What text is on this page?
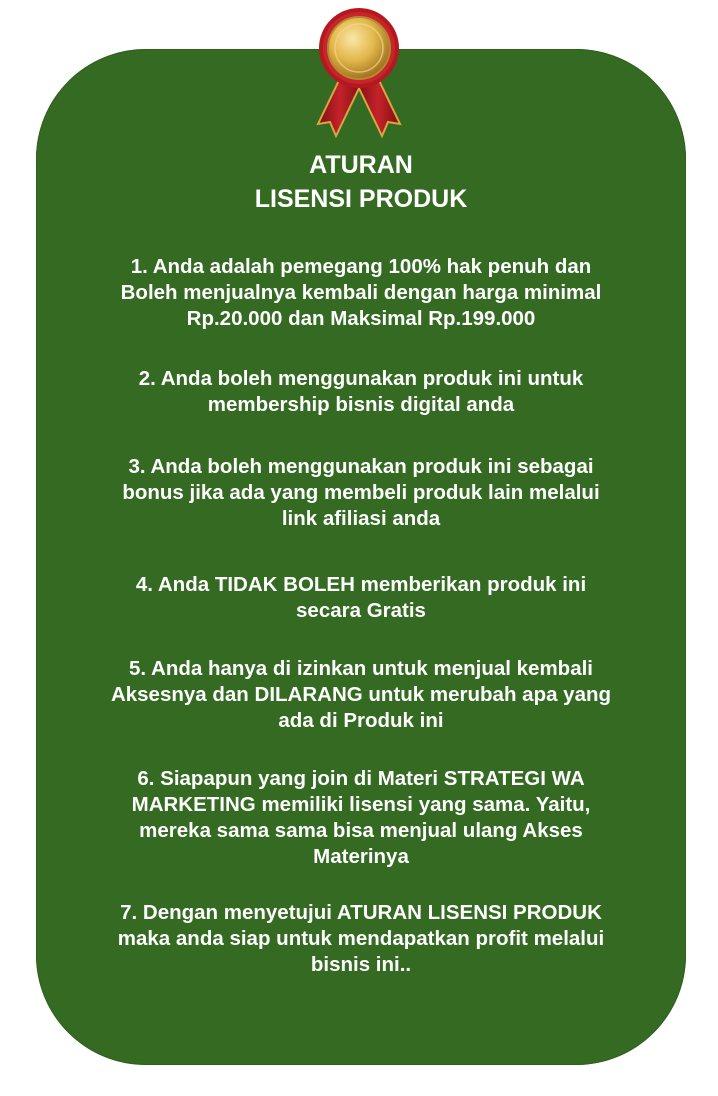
ATURAN
LISENSI PRODUK
1. Anda adalah pemegang 100% hak penuh dan
Boleh menjualnya kembali dengan harga minimal
Rp.20.000 dan Maksimal Rp.199.000
2. Anda boleh menggunakan produk ini untuk
membership bisnis digital anda
3. Anda boleh menggunakan produk ini sebagai
bonus jika ada yang membeli produk lain melalui
link afiliasi anda
4. Anda TIDAK BOLEH memberikan produk ini
secara Gratis
5. Anda hanya di izinkan untuk menjual kembali
Aksesnya dan DILARANG untuk merubah apa yang
ada di Produk ini
6. Siapapun yang join di Materi STRATEGI WA
MARKETING memiliki lisensi yang sama. Yaitu,
mereka sama sama bisa menjual ulang Akses
Materinya
7. Dengan menyetujui ATURAN LISENSI PRODUK
maka anda siap untuk mendapatkan profit melalui
bisnis ini..
